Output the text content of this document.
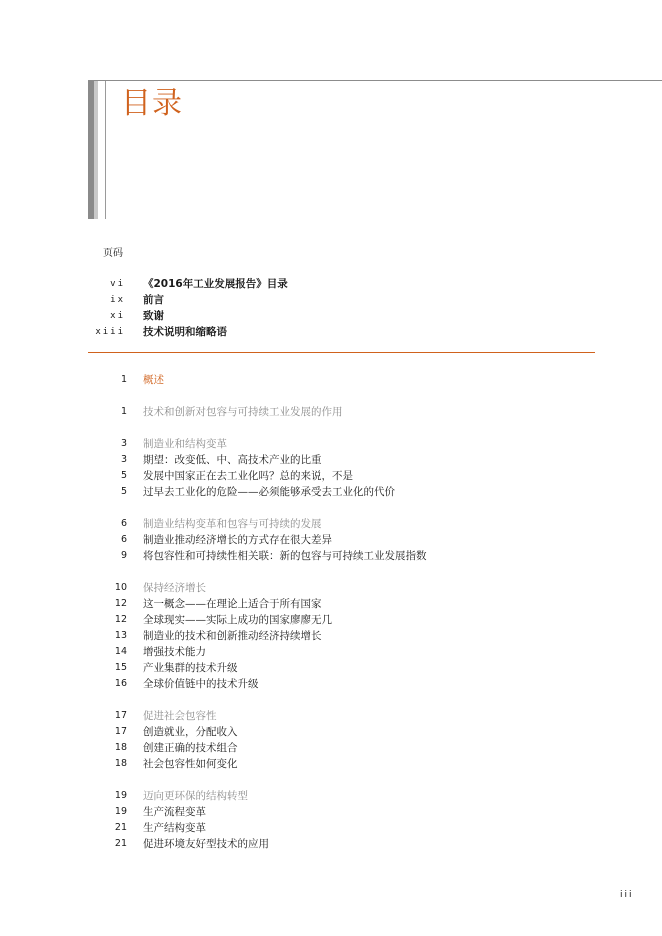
目录
页码
vi 《2016年工业发展报告》目录
ix 前言
xi 致谢
xiii 技术说明和缩略语
1 概述
1 技术和创新对包容与可持续工业发展的作用
3 制造业和结构变革
3 期望：改变低、中、高技术产业的比重
5 发展中国家正在去工业化吗？总的来说，不是
5 过早去工业化的危险——必须能够承受去工业化的代价
6 制造业结构变革和包容与可持续的发展
6 制造业推动经济增长的方式存在很大差异
9 将包容性和可持续性相关联：新的包容与可持续工业发展指数
10 保持经济增长
12 这一概念——在理论上适合于所有国家
12 全球现实——实际上成功的国家廖廖无几
13 制造业的技术和创新推动经济持续增长
14 增强技术能力
15 产业集群的技术升级
16 全球价值链中的技术升级
17 促进社会包容性
17 创造就业，分配收入
18 创建正确的技术组合
18 社会包容性如何变化
19 迈向更环保的结构转型
19 生产流程变革
21 生产结构变革
21 促进环境友好型技术的应用
iii
